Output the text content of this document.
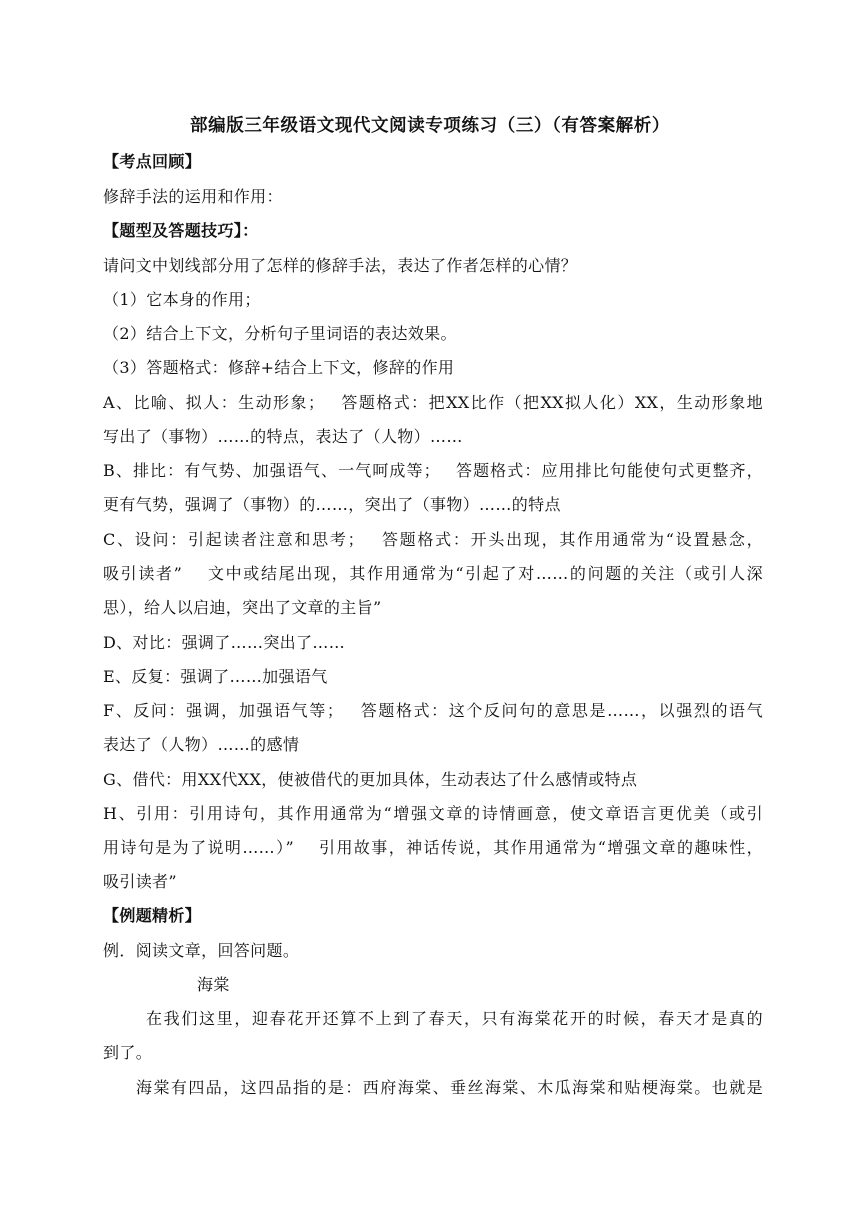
部编版三年级语文现代文阅读专项练习（三）（有答案解析）
【考点回顾】
修辞手法的运用和作用：
【题型及答题技巧】：
请问文中划线部分用了怎样的修辞手法，表达了作者怎样的心情？
（1）它本身的作用；
（2）结合上下文，分析句子里词语的表达效果。
（3）答题格式：修辞+结合上下文，修辞的作用
A、比喻、拟人：生动形象；　 答题格式：把XX比作（把XX拟人化）XX，生动形象地
写出了（事物）……的特点，表达了（人物）……
B、排比：有气势、加强语气、一气呵成等；　 答题格式：应用排比句能使句式更整齐，
更有气势，强调了（事物）的……，突出了（事物）……的特点
C、设问：引起读者注意和思考；　 答题格式：开头出现，其作用通常为“设置悬念，
吸引读者”　 文中或结尾出现，其作用通常为“引起了对……的问题的关注（或引人深
思），给人以启迪，突出了文章的主旨”
D、对比：强调了……突出了……
E、反复：强调了……加强语气
F、反问：强调，加强语气等；　 答题格式：这个反问句的意思是……，以强烈的语气
表达了（人物）……的感情
G、借代：用XX代XX，使被借代的更加具体，生动表达了什么感情或特点
H、引用：引用诗句，其作用通常为“增强文章的诗情画意，使文章语言更优美（或引
用诗句是为了说明……）”　 引用故事，神话传说，其作用通常为“增强文章的趣味性，
吸引读者”
【例题精析】
例．阅读文章，回答问题。
海棠
在我们这里，迎春花开还算不上到了春天，只有海棠花开的时候，春天才是真的
到了。
海棠有四品，这四品指的是：西府海棠、垂丝海棠、木瓜海棠和贴梗海棠。也就是
